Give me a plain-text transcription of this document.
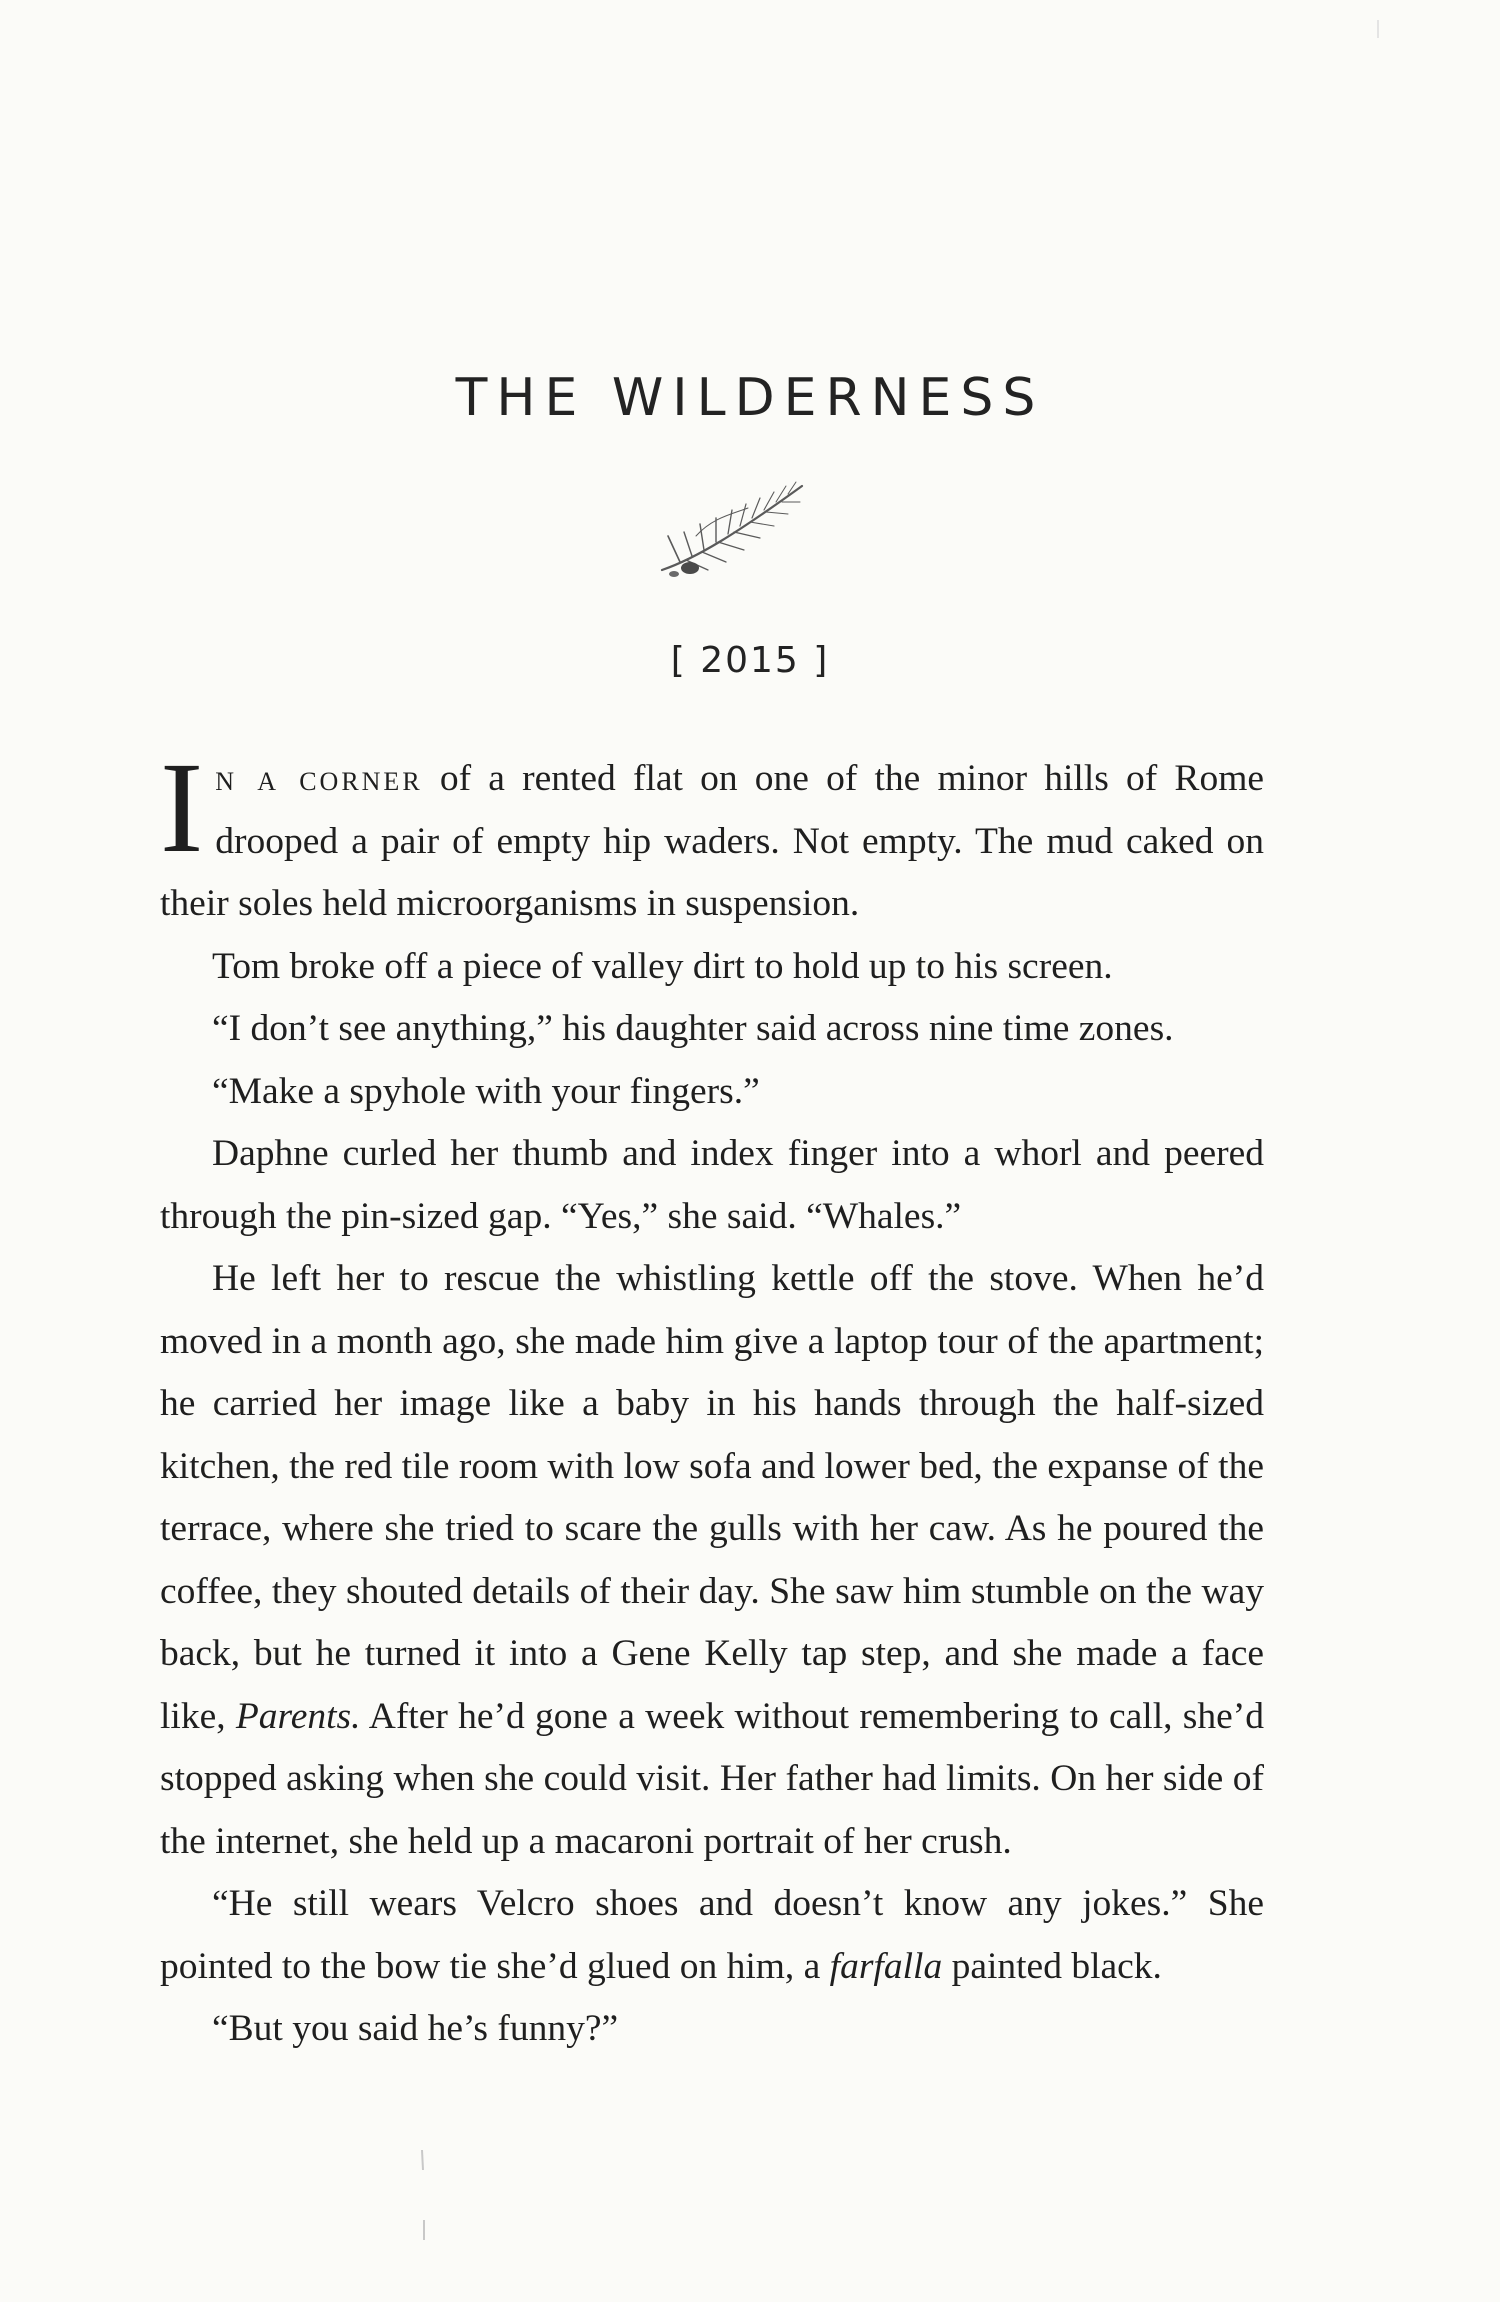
THE WILDERNESS
[ 2015 ]

In a corner of a rented flat on one of the minor hills of Rome drooped a pair of empty hip waders. Not empty. The mud caked on their soles held microorganisms in suspension.

Tom broke off a piece of valley dirt to hold up to his screen.

“I don’t see anything,” his daughter said across nine time zones.

“Make a spyhole with your fingers.”

Daphne curled her thumb and index finger into a whorl and peered through the pin-sized gap. “Yes,” she said. “Whales.”

He left her to rescue the whistling kettle off the stove. When he’d moved in a month ago, she made him give a laptop tour of the apartment; he carried her image like a baby in his hands through the half-sized kitchen, the red tile room with low sofa and lower bed, the expanse of the terrace, where she tried to scare the gulls with her caw. As he poured the coffee, they shouted details of their day. She saw him stumble on the way back, but he turned it into a Gene Kelly tap step, and she made a face like, Parents. After he’d gone a week without remembering to call, she’d stopped asking when she could visit. Her father had limits. On her side of the internet, she held up a macaroni portrait of her crush.

“He still wears Velcro shoes and doesn’t know any jokes.” She pointed to the bow tie she’d glued on him, a farfalla painted black.

“But you said he’s funny?”
